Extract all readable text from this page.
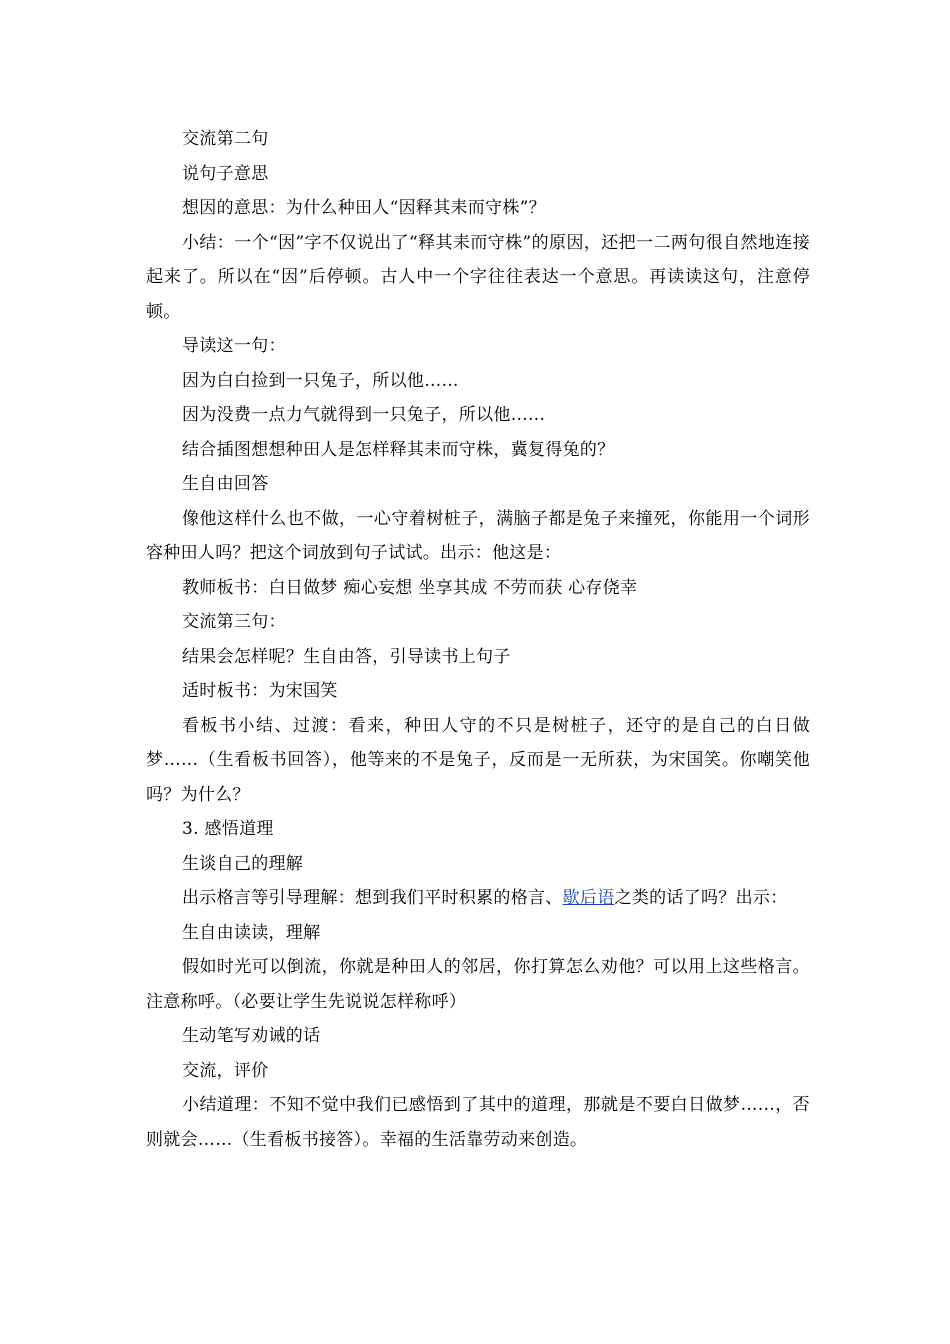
交流第二句

说句子意思

想因的意思：为什么种田人“因释其耒而守株”？

小结：一个“因”字不仅说出了“释其耒而守株”的原因，还把一二两句很自然地连接起来了。所以在“因”后停顿。古人中一个字往往表达一个意思。再读读这句，注意停顿。

导读这一句：

因为白白捡到一只兔子，所以他……

因为没费一点力气就得到一只兔子，所以他……

结合插图想想种田人是怎样释其耒而守株，冀复得兔的？

生自由回答

像他这样什么也不做，一心守着树桩子，满脑子都是兔子来撞死，你能用一个词形容种田人吗？把这个词放到句子试试。出示：他这是：

教师板书：白日做梦 痴心妄想 坐享其成 不劳而获 心存侥幸

交流第三句：

结果会怎样呢？生自由答，引导读书上句子

适时板书：为宋国笑

看板书小结、过渡：看来，种田人守的不只是树桩子，还守的是自己的白日做梦……（生看板书回答），他等来的不是兔子，反而是一无所获，为宋国笑。你嘲笑他吗？为什么？

3. 感悟道理

生谈自己的理解

出示格言等引导理解：想到我们平时积累的格言、歇后语之类的话了吗？出示：

生自由读读，理解

假如时光可以倒流，你就是种田人的邻居，你打算怎么劝他？可以用上这些格言。注意称呼。（必要让学生先说说怎样称呼）

生动笔写劝诫的话

交流，评价

小结道理：不知不觉中我们已感悟到了其中的道理，那就是不要白日做梦……，否则就会……（生看板书接答）。幸福的生活靠劳动来创造。
